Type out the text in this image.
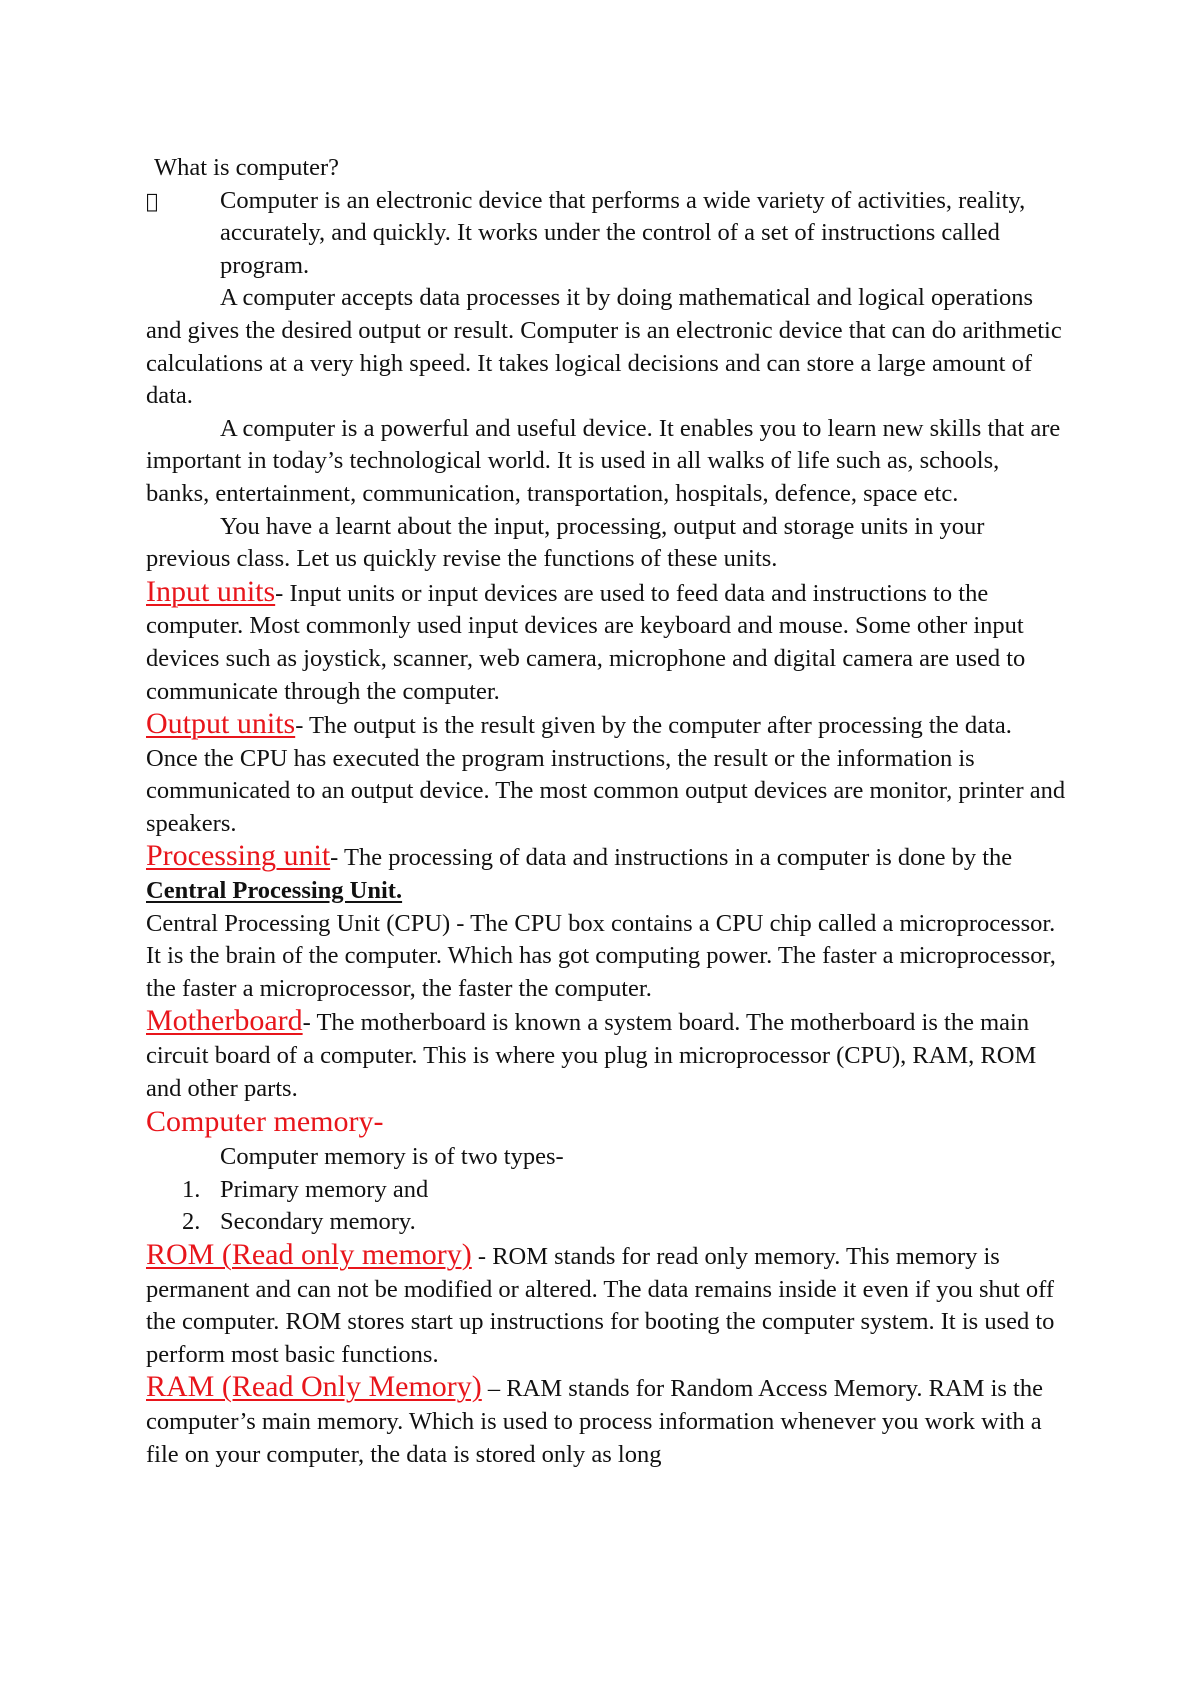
What is computer?

Computer is an electronic device that performs a wide variety of activities, reality, accurately, and quickly. It works under the control of a set of instructions called program.

A computer accepts data processes it by doing mathematical and logical operations and gives the desired output or result. Computer is an electronic device that can do arithmetic calculations at a very high speed. It takes logical decisions and can store a large amount of data.

A computer is a powerful and useful device. It enables you to learn new skills that are important in today’s technological world. It is used in all walks of life such as, schools, banks, entertainment, communication, transportation, hospitals, defence, space etc.

You have a learnt about the input, processing, output and storage units in your previous class. Let us quickly revise the functions of these units.

Input units- Input units or input devices are used to feed data and instructions to the computer. Most commonly used input devices are keyboard and mouse. Some other input devices such as joystick, scanner, web camera, microphone and digital camera are used to communicate through the computer.

Output units- The output is the result given by the computer after processing the data. Once the CPU has executed the program instructions, the result or the information is communicated to an output device. The most common output devices are monitor, printer and speakers.

Processing unit- The processing of data and instructions in a computer is done by the Central Processing Unit.

Central Processing Unit (CPU) - The CPU box contains a CPU chip called a microprocessor. It is the brain of the computer. Which has got computing power. The faster a microprocessor, the faster a microprocessor, the faster the computer.

Motherboard- The motherboard is known a system board. The motherboard is the main circuit board of a computer. This is where you plug in microprocessor (CPU), RAM, ROM and other parts.

Computer memory-

Computer memory is of two types-

1. Primary memory and
2. Secondary memory.

ROM (Read only memory) - ROM stands for read only memory. This memory is permanent and can not be modified or altered. The data remains inside it even if you shut off the computer. ROM stores start up instructions for booting the computer system. It is used to perform most basic functions.

RAM (Read Only Memory) – RAM stands for Random Access Memory. RAM is the computer’s main memory. Which is used to process information whenever you work with a file on your computer, the data is stored only as long
